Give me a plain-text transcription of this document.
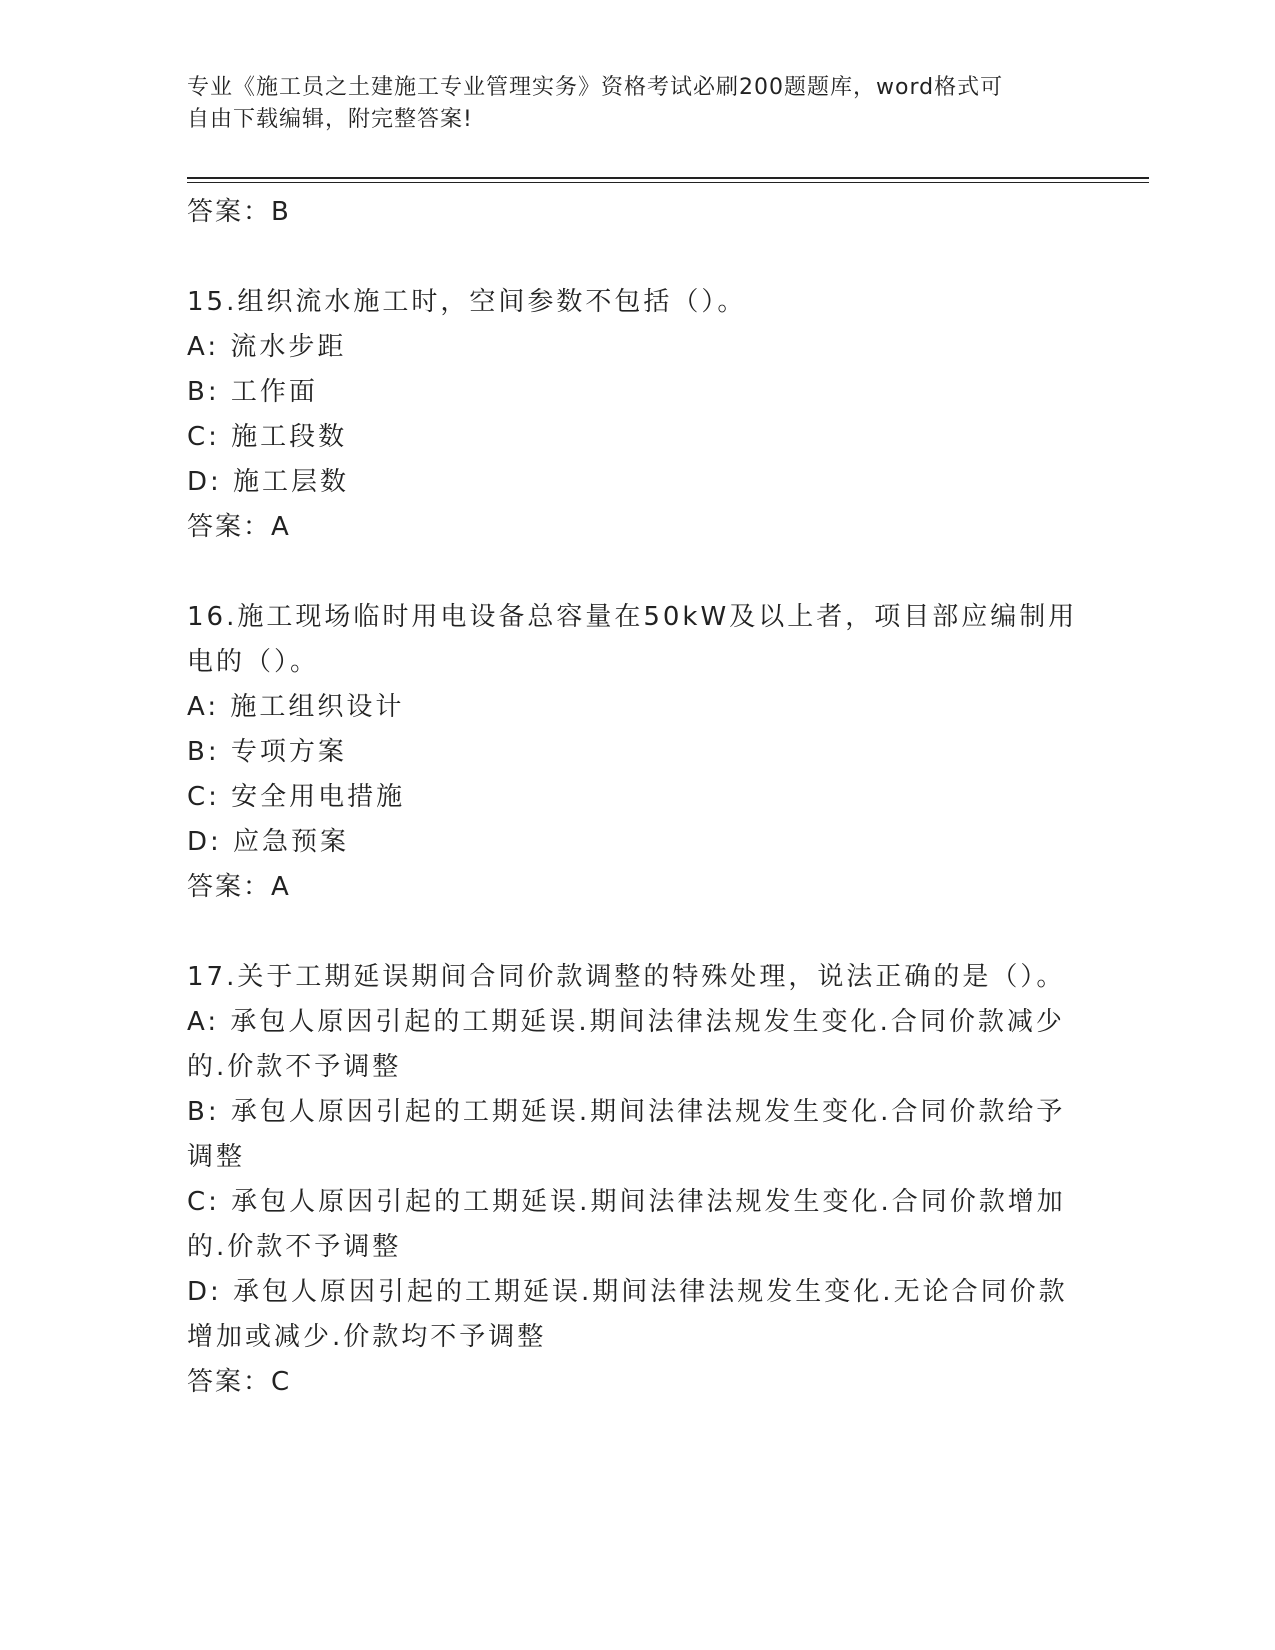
专业《施工员之土建施工专业管理实务》资格考试必刷200题题库，word格式可
自由下载编辑，附完整答案!
答案：B
15.组织流水施工时，空间参数不包括（）。
A: 流水步距
B: 工作面
C: 施工段数
D: 施工层数
答案：A
16.施工现场临时用电设备总容量在50kW及以上者，项目部应编制用
电的（）。
A: 施工组织设计
B: 专项方案
C: 安全用电措施
D: 应急预案
答案：A
17.关于工期延误期间合同价款调整的特殊处理，说法正确的是（）。
A: 承包人原因引起的工期延误.期间法律法规发生变化.合同价款减少
的.价款不予调整
B: 承包人原因引起的工期延误.期间法律法规发生变化.合同价款给予
调整
C: 承包人原因引起的工期延误.期间法律法规发生变化.合同价款增加
的.价款不予调整
D: 承包人原因引起的工期延误.期间法律法规发生变化.无论合同价款
增加或减少.价款均不予调整
答案：C
